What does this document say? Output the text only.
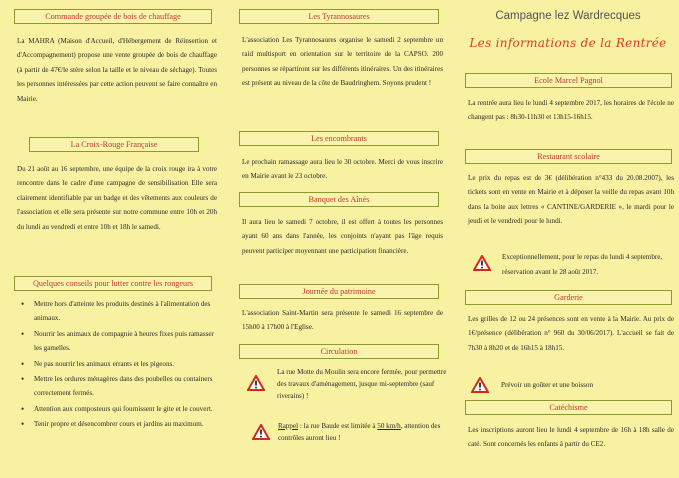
Commande groupée de bois de chauffage
La MAHRA (Maison d'Accueil, d'Hébergement de Réinsertion et d'Accompagnement) propose une vente groupée de bois de chauffage (à partir de 47€/le stère selon la taille et le niveau de séchage). Toutes les personnes intéressées par cette action peuvent se faire connaître en Mairie.
La Croix-Rouge Française
Du 21 août au 16 septembre, une équipe de la croix rouge ira à votre rencontre dans le cadre d'une campagne de sensibilisation Elle sera clairement identifiable par un badge et des vêtements aux couleurs de l'association et elle sera présente sur notre commune entre 10h et 20h du lundi au vendredi et entre 10h et 18h le samedi.
Quelques conseils pour lutter contre les rongeurs
• Mettre hors d'atteinte les produits destinés à l'alimentation des animaux.
• Nourrir les animaux de compagnie à heures fixes puis ramasser les gamelles.
• Ne pas nourrir les animaux errants et les pigeons.
• Mettre les ordures ménagères dans des poubelles ou containers correctement fermés.
• Attention aux composteurs qui fournissent le gite et le couvert.
• Tenir propre et désencombrer cours et jardins au maximum.
Les Tyrannosaures
L'association Les Tyrannosaures organise le samedi 2 septembre un raid multisport en orientation sur le territoire de la CAPSO. 200 personnes se répartiront sur les différents itinéraires. Un des itinéraires est présent au niveau de la côte de Baudringhem. Soyons prudent !
Les encombrants
Le prochain ramassage aura lieu le 30 octobre. Merci de vous inscrire en Mairie avant le 23 octobre.
Banquet des Aînés
Il aura lieu le samedi 7 octobre, il est offert à toutes les personnes ayant 60 ans dans l'année, les conjoints n'ayant pas l'âge requis peuvent participer moyennant une participation financière.
Journée du patrimoine
L'association Saint-Martin sera présente le samedi 16 septembre de 15h00 à 17h00 à l'Eglise.
Circulation
La rue Motte du Moulin sera encore fermée, pour permettre des travaux d'aménagement, jusque mi-septembre (sauf riverains) !
Rappel : la rue Baude est limitée à 50 km/h, attention des contrôles auront lieu !
Campagne lez Wardrecques
Les informations de la Rentrée
Ecole Marcel Pagnol
La rentrée aura lieu le lundi 4 septembre 2017, les horaires de l'école ne changent pas : 8h30-11h30 et 13h15-16h15.
Restaurant scolaire
Le prix du repas est de 3€ (délibération n°433 du 20.08.2007), les tickets sont en vente en Mairie et à déposer la veille du repas avant 10h dans la boite aux lettres « CANTINE/GARDERIE », le mardi pour le jeudi et le vendredi pour le lundi.
Exceptionnellement, pour le repas du lundi 4 septembre, réservation avant le 28 août 2017.
Garderie
Les grilles de 12 ou 24 présences sont en vente à la Mairie. Au prix de 1€/présence (délibération n° 960 du 30/06/2017). L'accueil se fait de 7h30 à 8h20 et de 16h15 à 18h15.
Prévoir un goûter et une boisson
Catéchisme
Les inscriptions auront lieu le lundi 4 septembre de 16h à 18h salle de caté. Sont concernés les enfants à partir du CE2.
